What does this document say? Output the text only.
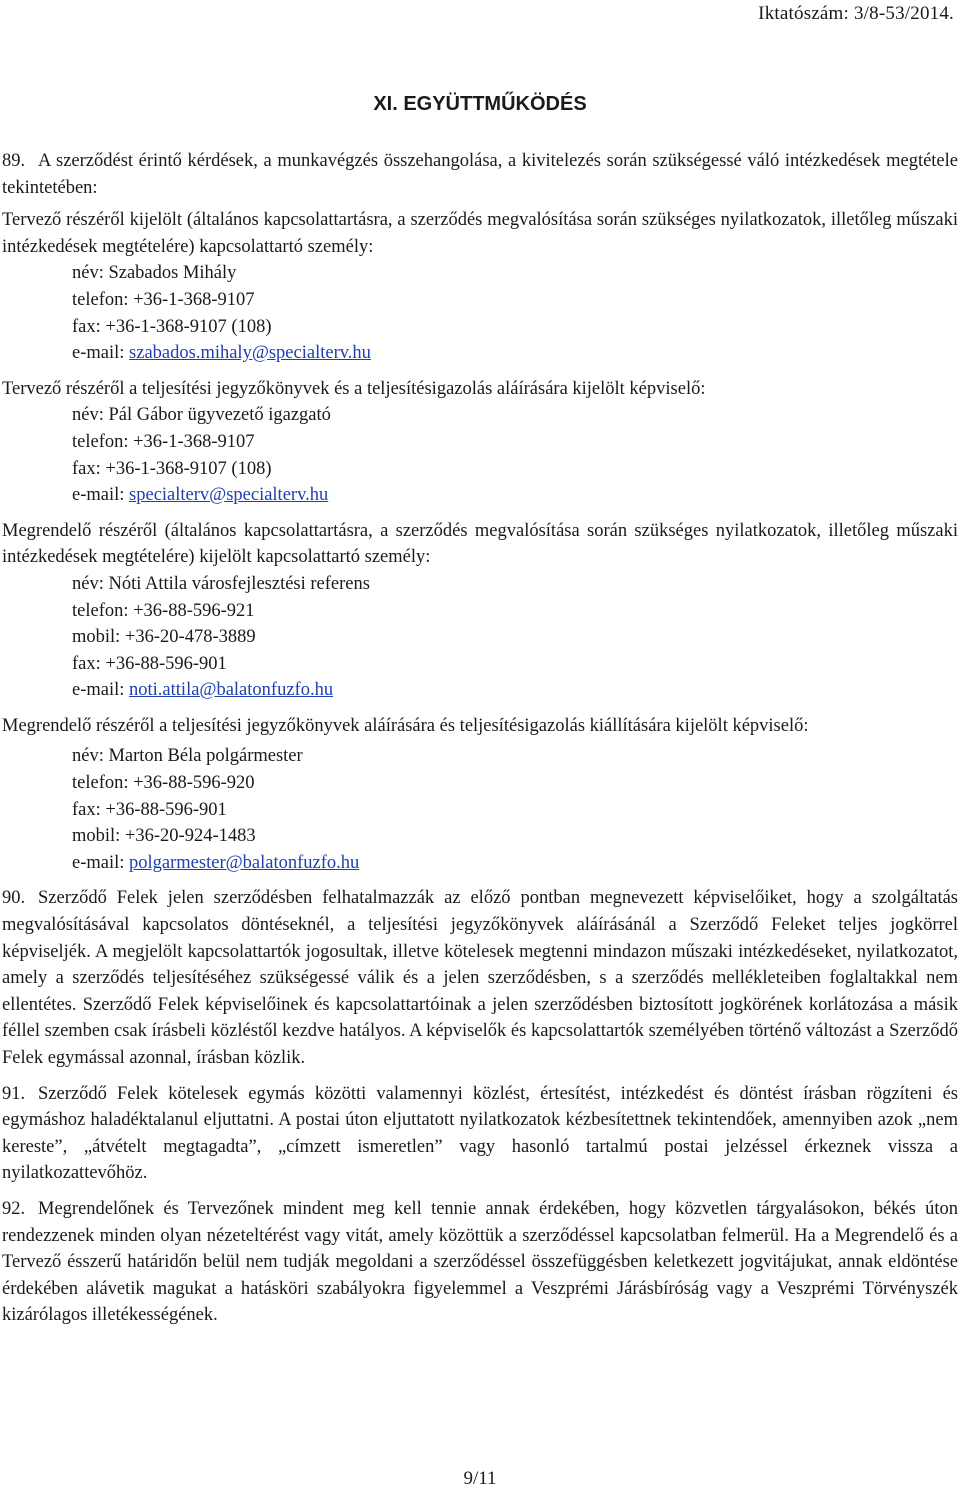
Iktatószám: 3/8-53/2014.
XI. EGYÜTTMŰKÖDÉS

89. A szerződést érintő kérdések, a munkavégzés összehangolása, a kivitelezés során szükségessé váló intézkedések megtétele tekintetében:

Tervező részéről kijelölt (általános kapcsolattartásra, a szerződés megvalósítása során szükséges nyilatkozatok, illetőleg műszaki intézkedések megtételére) kapcsolattartó személy:

név: Szabados Mihály
telefon: +36-1-368-9107
fax: +36-1-368-9107 (108)
e-mail: szabados.mihaly@specialterv.hu

Tervező részéről a teljesítési jegyzőkönyvek és a teljesítésigazolás aláírására kijelölt képviselő:

név: Pál Gábor ügyvezető igazgató
telefon: +36-1-368-9107
fax: +36-1-368-9107 (108)
e-mail: specialterv@specialterv.hu

Megrendelő részéről (általános kapcsolattartásra, a szerződés megvalósítása során szükséges nyilatkozatok, illetőleg műszaki intézkedések megtételére) kijelölt kapcsolattartó személy:

név: Nóti Attila városfejlesztési referens
telefon: +36-88-596-921
mobil: +36-20-478-3889
fax: +36-88-596-901
e-mail: noti.attila@balatonfuzfo.hu

Megrendelő részéről a teljesítési jegyzőkönyvek aláírására és teljesítésigazolás kiállítására kijelölt képviselő:

név: Marton Béla polgármester
telefon: +36-88-596-920
fax: +36-88-596-901
mobil: +36-20-924-1483
e-mail: polgarmester@balatonfuzfo.hu

90. Szerződő Felek jelen szerződésben felhatalmazzák az előző pontban megnevezett képviselőiket, hogy a szolgáltatás megvalósításával kapcsolatos döntéseknél, a teljesítési jegyzőkönyvek aláírásánál a Szerződő Feleket teljes jogkörrel képviseljék. A megjelölt kapcsolattartók jogosultak, illetve kötelesek megtenni mindazon műszaki intézkedéseket, nyilatkozatot, amely a szerződés teljesítéséhez szükségessé válik és a jelen szerződésben, s a szerződés mellékleteiben foglaltakkal nem ellentétes. Szerződő Felek képviselőinek és kapcsolattartóinak a jelen szerződésben biztosított jogkörének korlátozása a másik féllel szemben csak írásbeli közléstől kezdve hatályos. A képviselők és kapcsolattartók személyében történő változást a Szerződő Felek egymással azonnal, írásban közlik.

91. Szerződő Felek kötelesek egymás közötti valamennyi közlést, értesítést, intézkedést és döntést írásban rögzíteni és egymáshoz haladéktalanul eljuttatni. A postai úton eljuttatott nyilatkozatok kézbesítettnek tekintendőek, amennyiben azok „nem kereste”, „átvételt megtagadta”, „címzett ismeretlen” vagy hasonló tartalmú postai jelzéssel érkeznek vissza a nyilatkozattevőhöz.

92. Megrendelőnek és Tervezőnek mindent meg kell tennie annak érdekében, hogy közvetlen tárgyalásokon, békés úton rendezzenek minden olyan nézeteltérést vagy vitát, amely közöttük a szerződéssel kapcsolatban felmerül. Ha a Megrendelő és a Tervező ésszerű határidőn belül nem tudják megoldani a szerződéssel összefüggésben keletkezett jogvitájukat, annak eldöntése érdekében alávetik magukat a hatásköri szabályokra figyelemmel a Veszprémi Járásbíróság vagy a Veszprémi Törvényszék kizárólagos illetékességének.

9/11
